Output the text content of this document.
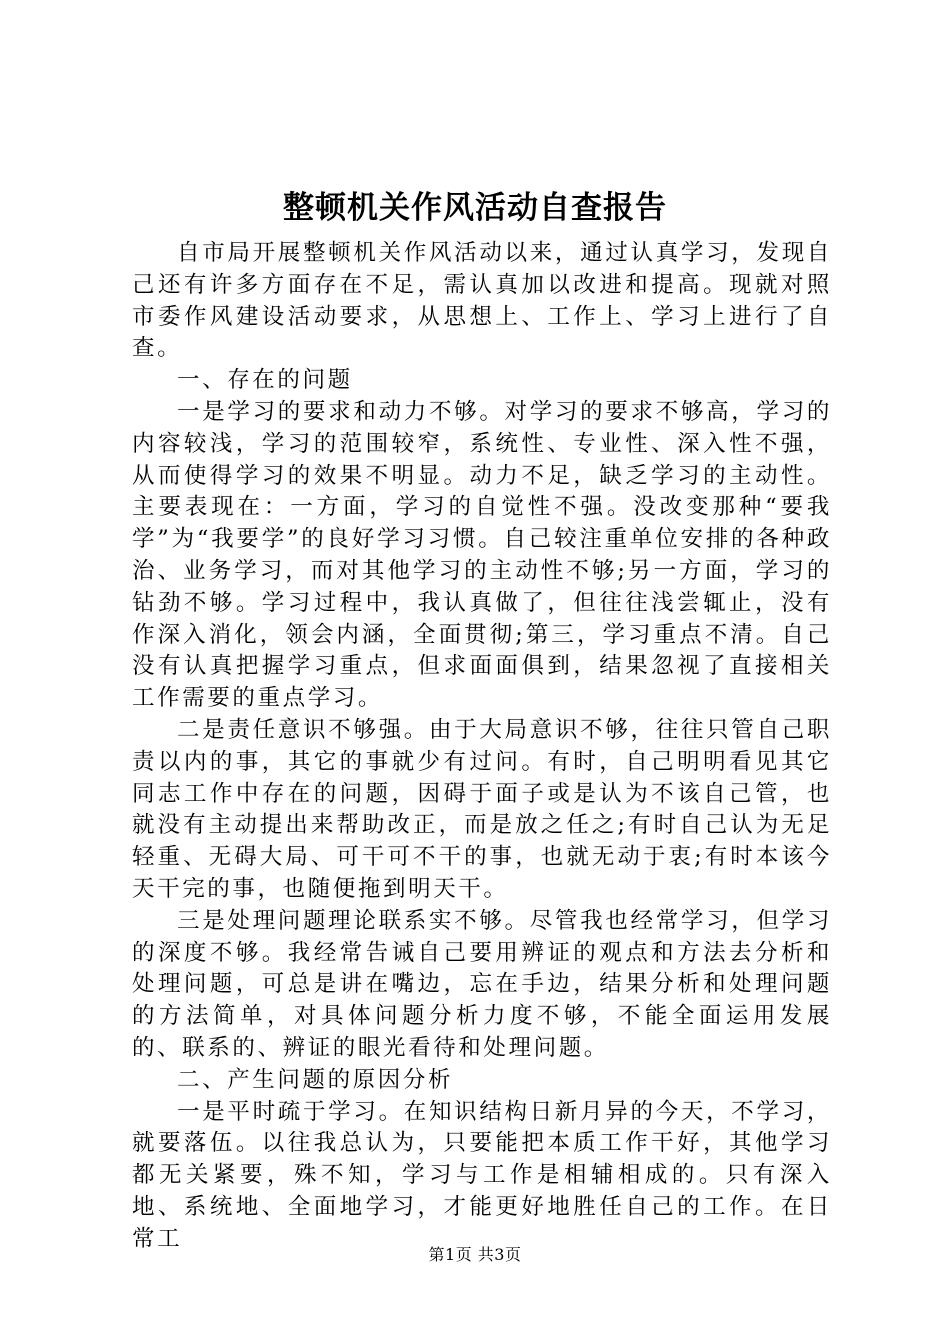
整顿机关作风活动自查报告

自市局开展整顿机关作风活动以来，通过认真学习，发现自己还有许多方面存在不足，需认真加以改进和提高。现就对照市委作风建设活动要求，从思想上、工作上、学习上进行了自查。

一、存在的问题

一是学习的要求和动力不够。对学习的要求不够高，学习的内容较浅，学习的范围较窄，系统性、专业性、深入性不强，从而使得学习的效果不明显。动力不足，缺乏学习的主动性。主要表现在：一方面，学习的自觉性不强。没改变那种“要我学”为“我要学”的良好学习习惯。自己较注重单位安排的各种政治、业务学习，而对其他学习的主动性不够;另一方面，学习的钻劲不够。学习过程中，我认真做了，但往往浅尝辄止，没有作深入消化，领会内涵，全面贯彻;第三，学习重点不清。自己没有认真把握学习重点，但求面面俱到，结果忽视了直接相关工作需要的重点学习。

二是责任意识不够强。由于大局意识不够，往往只管自己职责以内的事，其它的事就少有过问。有时，自己明明看见其它同志工作中存在的问题，因碍于面子或是认为不该自己管，也就没有主动提出来帮助改正，而是放之任之;有时自己认为无足轻重、无碍大局、可干可不干的事，也就无动于衷;有时本该今天干完的事，也随便拖到明天干。

三是处理问题理论联系实不够。尽管我也经常学习，但学习的深度不够。我经常告诫自己要用辨证的观点和方法去分析和处理问题，可总是讲在嘴边，忘在手边，结果分析和处理问题的方法简单，对具体问题分析力度不够，不能全面运用发展的、联系的、辨证的眼光看待和处理问题。

二、产生问题的原因分析

一是平时疏于学习。在知识结构日新月异的今天，不学习，就要落伍。以往我总认为，只要能把本质工作干好，其他学习都无关紧要，殊不知，学习与工作是相辅相成的。只有深入地、系统地、全面地学习，才能更好地胜任自己的工作。在日常工

第1页 共3页
